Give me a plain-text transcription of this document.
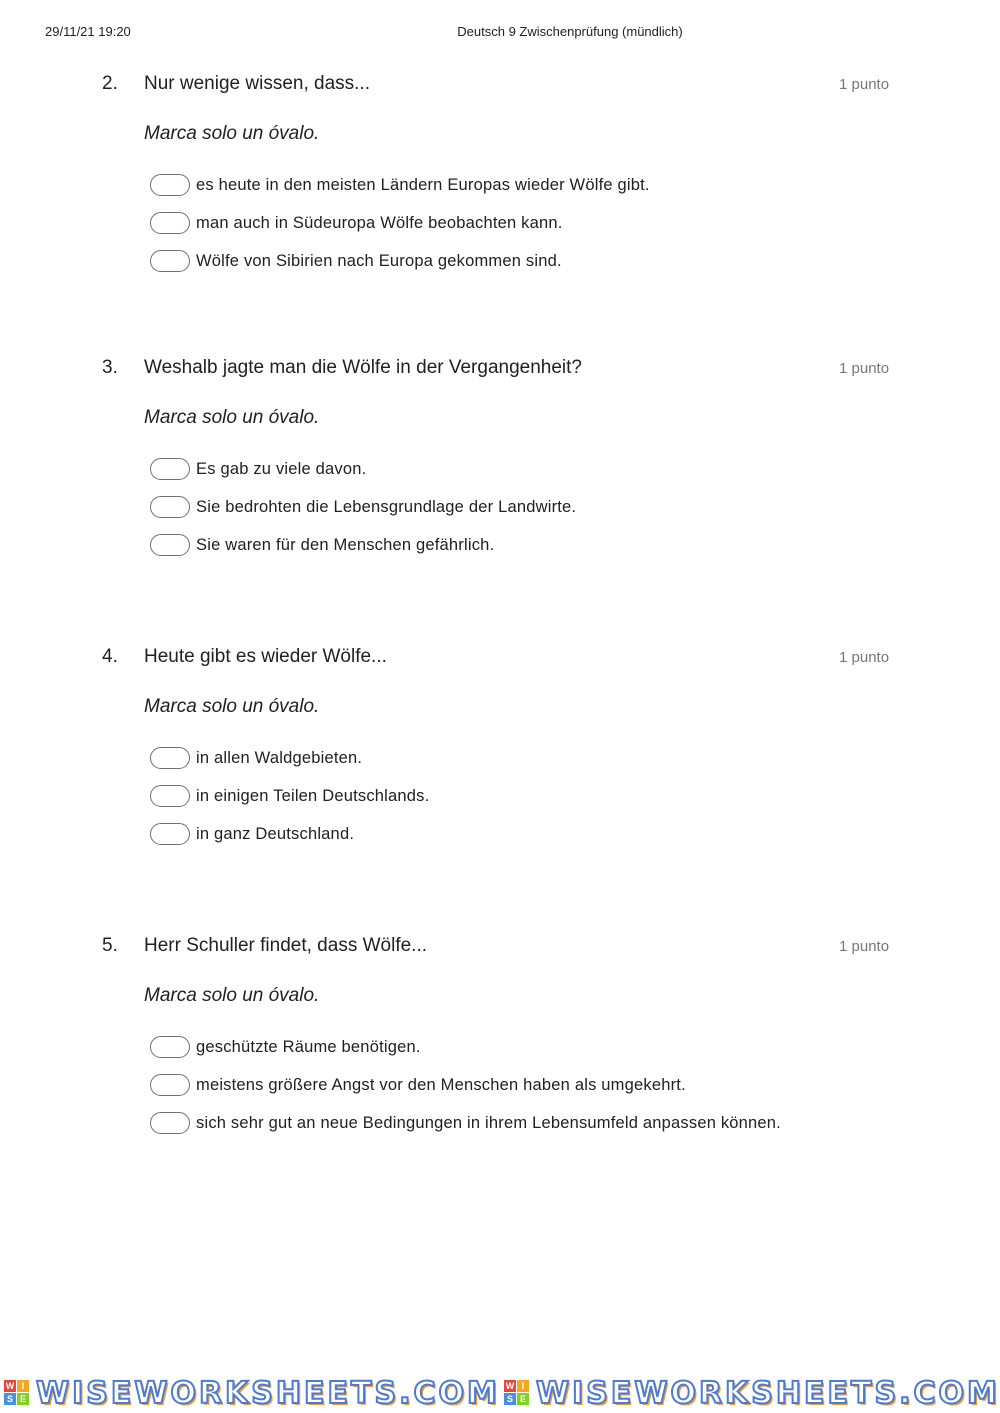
29/11/21 19:20	Deutsch 9 Zwischenprüfung (mündlich)
2. Nur wenige wissen, dass...	1 punto
Marca solo un óvalo.
es heute in den meisten Ländern Europas wieder Wölfe gibt.
man auch in Südeuropa Wölfe beobachten kann.
Wölfe von Sibirien nach Europa gekommen sind.
3. Weshalb jagte man die Wölfe in der Vergangenheit?	1 punto
Marca solo un óvalo.
Es gab zu viele davon.
Sie bedrohten die Lebensgrundlage der Landwirte.
Sie waren für den Menschen gefährlich.
4. Heute gibt es wieder Wölfe...	1 punto
Marca solo un óvalo.
in allen Waldgebieten.
in einigen Teilen Deutschlands.
in ganz Deutschland.
5. Herr Schuller findet, dass Wölfe...	1 punto
Marca solo un óvalo.
geschützte Räume benötigen.
meistens größere Angst vor den Menschen haben als umgekehrt.
sich sehr gut an neue Bedingungen in ihrem Lebensumfeld anpassen können.
W I
S E WISEWORKSHEETS.COM W I
S E WISEWORKSHEETS.COM
